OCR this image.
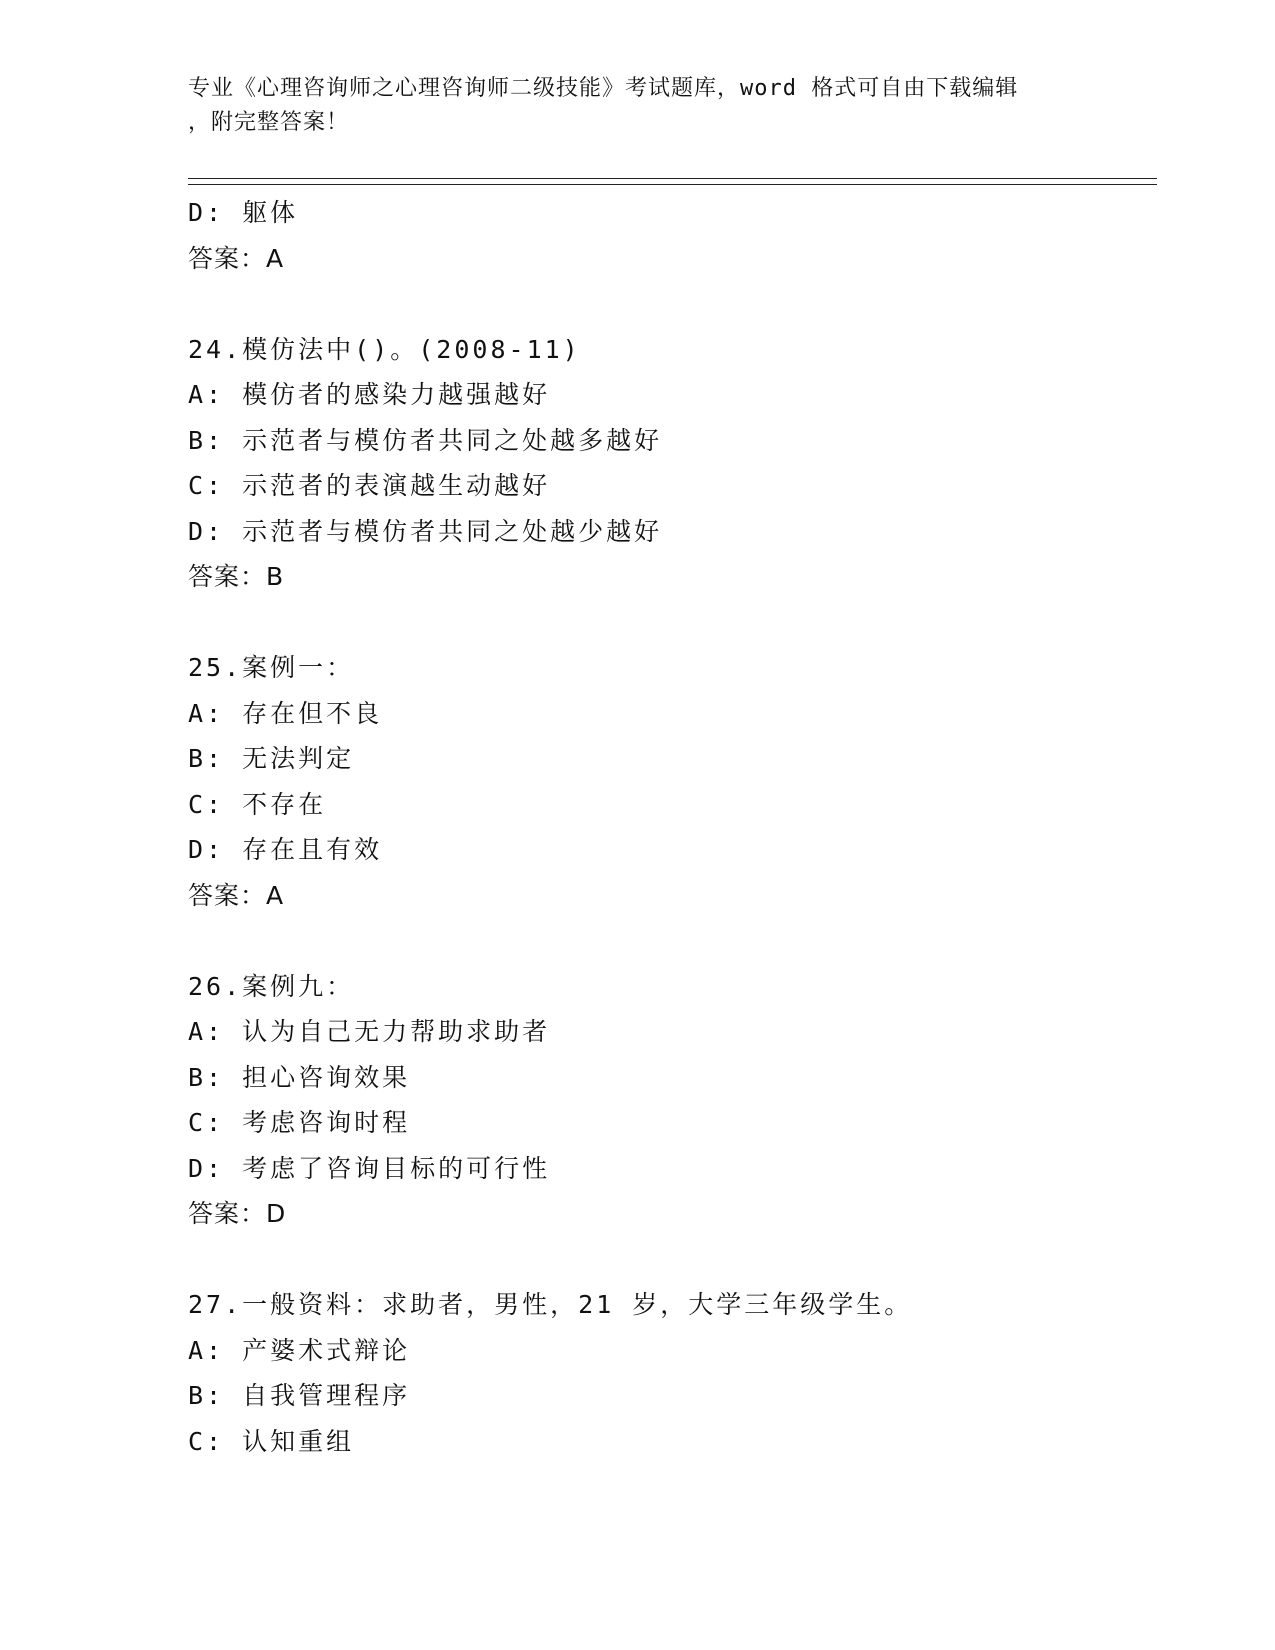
专业《心理咨询师之心理咨询师二级技能》考试题库，word 格式可自由下载编辑
，附完整答案！
D: 躯体
答案：A
24.模仿法中()。(2008-11)
A: 模仿者的感染力越强越好
B: 示范者与模仿者共同之处越多越好
C: 示范者的表演越生动越好
D: 示范者与模仿者共同之处越少越好
答案：B
25.案例一：
A: 存在但不良
B: 无法判定
C: 不存在
D: 存在且有效
答案：A
26.案例九：
A: 认为自己无力帮助求助者
B: 担心咨询效果
C: 考虑咨询时程
D: 考虑了咨询目标的可行性
答案：D
27.一般资料：求助者，男性，21 岁，大学三年级学生。
A: 产婆术式辩论
B: 自我管理程序
C: 认知重组
